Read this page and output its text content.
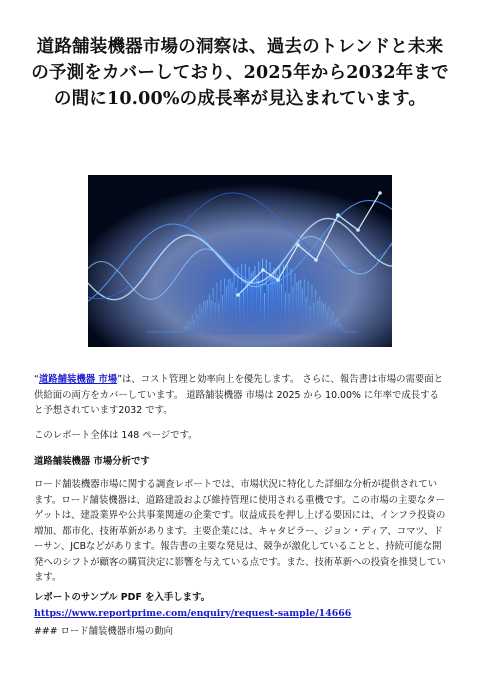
道路舗装機器市場の洞察は、過去のトレンドと未来の予測をカバーしており、2025年から2032年までの間に10.00%の成長率が見込まれています。
“道路舗装機器 市場”は、コスト管理と効率向上を優先します。 さらに、報告書は市場の需要面と供給面の両方をカバーしています。 道路舗装機器 市場は 2025 から 10.00% に年率で成長すると予想されています2032 です。
このレポート全体は 148 ページです。
道路舗装機器 市場分析です
ロード舗装機器市場に関する調査レポートでは、市場状況に特化した詳細な分析が提供されています。ロード舗装機器は、道路建設および維持管理に使用される重機です。この市場の主要なターゲットは、建設業界や公共事業関連の企業です。収益成長を押し上げる要因には、インフラ投資の増加、都市化、技術革新があります。主要企業には、キャタピラー、ジョン・ディア、コマツ、ドーサン、JCBなどがあります。報告書の主要な発見は、競争が激化していることと、持続可能な開発へのシフトが顧客の購買決定に影響を与えている点です。また、技術革新への投資を推奨しています。
レポートのサンプル PDF を入手します。 https://www.reportprime.com/enquiry/request-sample/14666
### ロード舗装機器市場の動向
